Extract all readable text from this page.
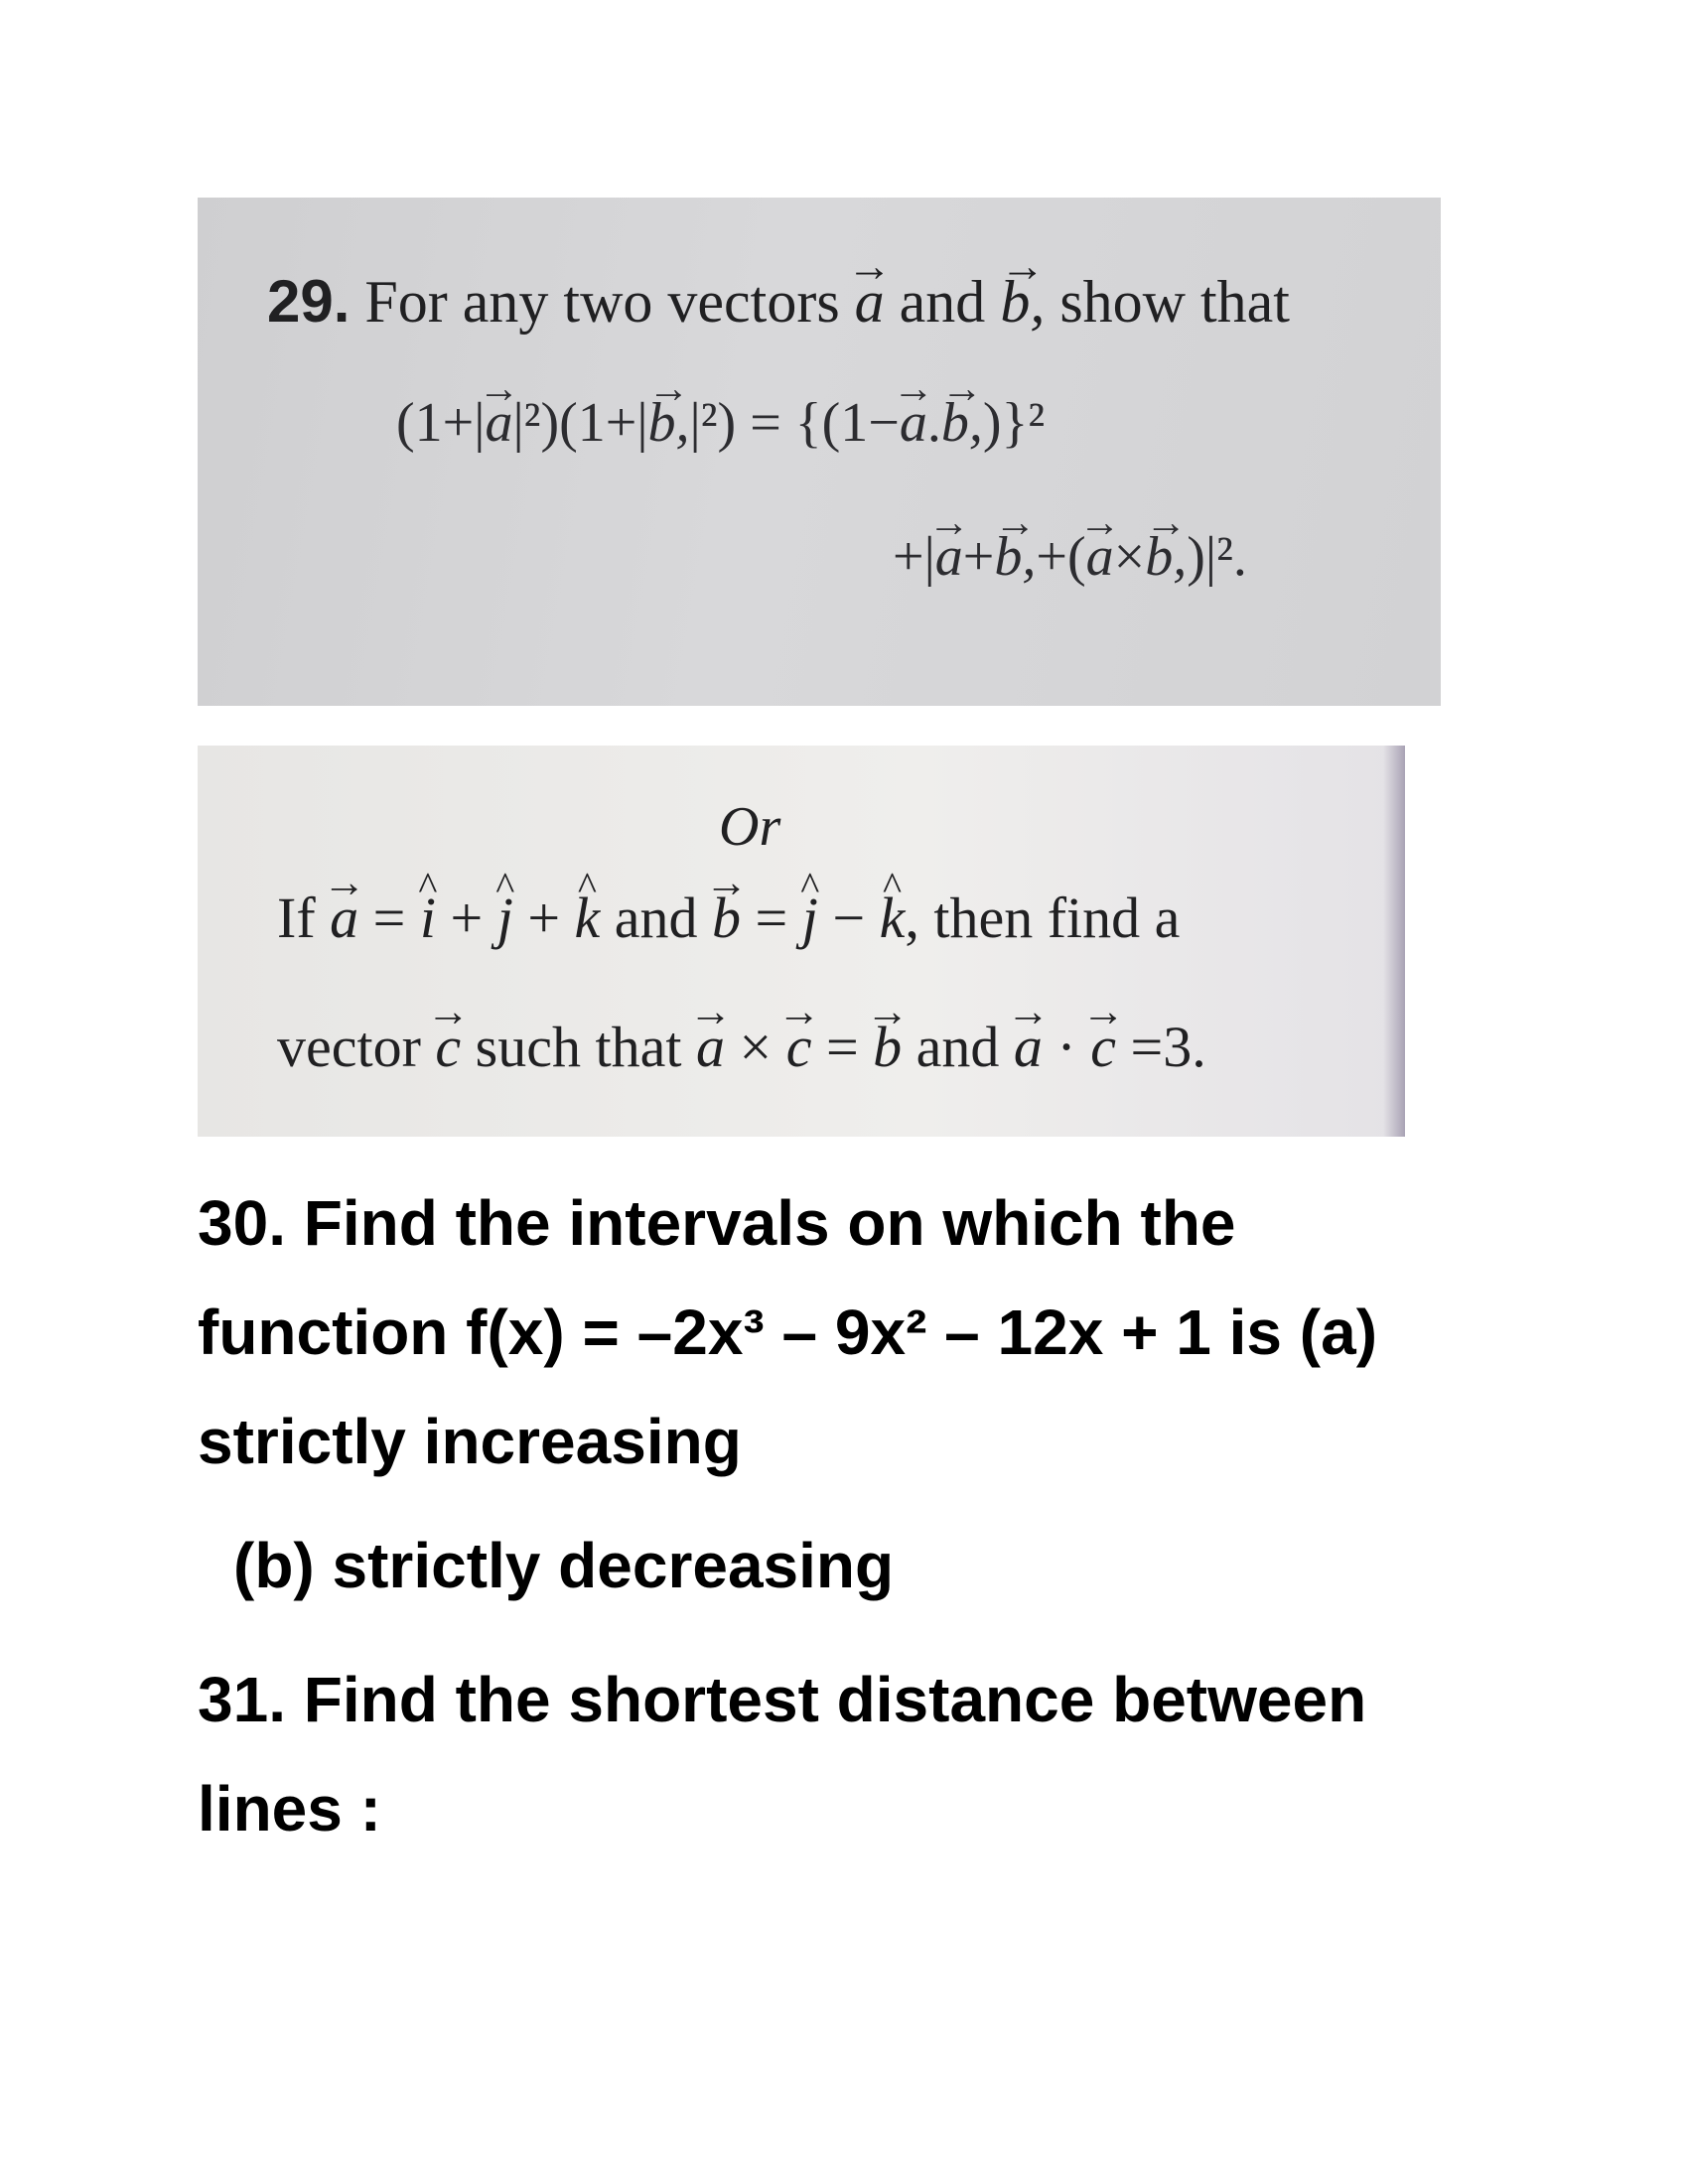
29. For any two vectors → a and → b, show that
(1+|→ a|²)(1+|→ b,|²) = {(1−→ a.→ b,)}²
+|→ a+→ b,+(→ a×→ b,)|².
Or
If → a = ^ i + ^ j + ^ k and → b = ^ j − ^ k, then find a
vector → c such that → a × → c = → b and → a · → c =3.
30. Find the intervals on which the
function f(x) = –2x³ – 9x² – 12x + 1 is (a)
strictly increasing
(b) strictly decreasing
31. Find the shortest distance between
lines :
